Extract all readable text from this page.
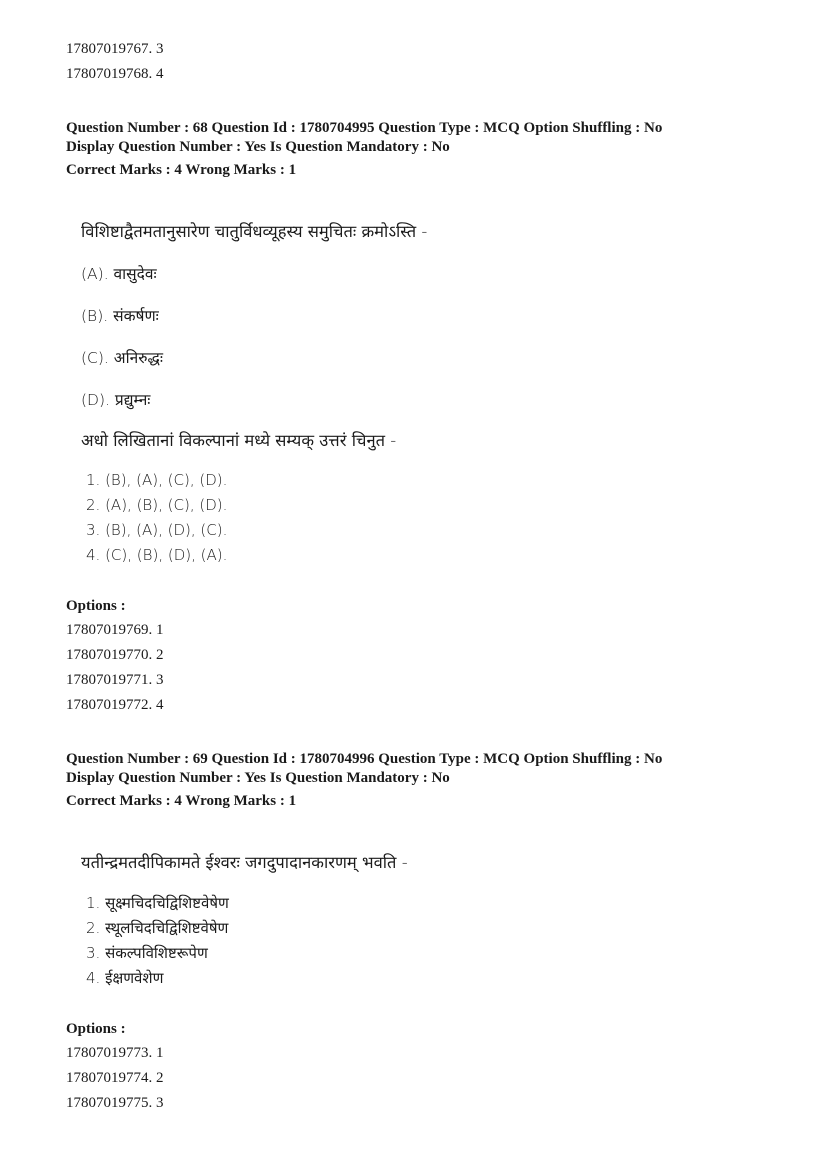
17807019767. 3
17807019768. 4
Question Number : 68 Question Id : 1780704995 Question Type : MCQ Option Shuffling : No
Display Question Number : Yes Is Question Mandatory : No
Correct Marks : 4 Wrong Marks : 1
विशिष्टाद्वैतमतानुसारेण चातुर्विधव्यूहस्य समुचितः क्रमोऽस्ति -
(A). वासुदेवः
(B). संकर्षणः
(C). अनिरुद्धः
(D). प्रद्युम्नः
अधो लिखितानां विकल्पानां मध्ये सम्यक् उत्तरं चिनुत -
1. (B), (A), (C), (D).
2. (A), (B), (C), (D).
3. (B), (A), (D), (C).
4. (C), (B), (D), (A).
Options :
17807019769. 1
17807019770. 2
17807019771. 3
17807019772. 4
Question Number : 69 Question Id : 1780704996 Question Type : MCQ Option Shuffling : No
Display Question Number : Yes Is Question Mandatory : No
Correct Marks : 4 Wrong Marks : 1
यतीन्द्रमतदीपिकामते ईश्वरः जगदुपादानकारणम् भवति -
1. सूक्ष्मचिदचिद्विशिष्टवेषेण
2. स्थूलचिदचिद्विशिष्टवेषेण
3. संकल्पविशिष्टरूपेण
4. ईक्षणवेशेण
Options :
17807019773. 1
17807019774. 2
17807019775. 3
